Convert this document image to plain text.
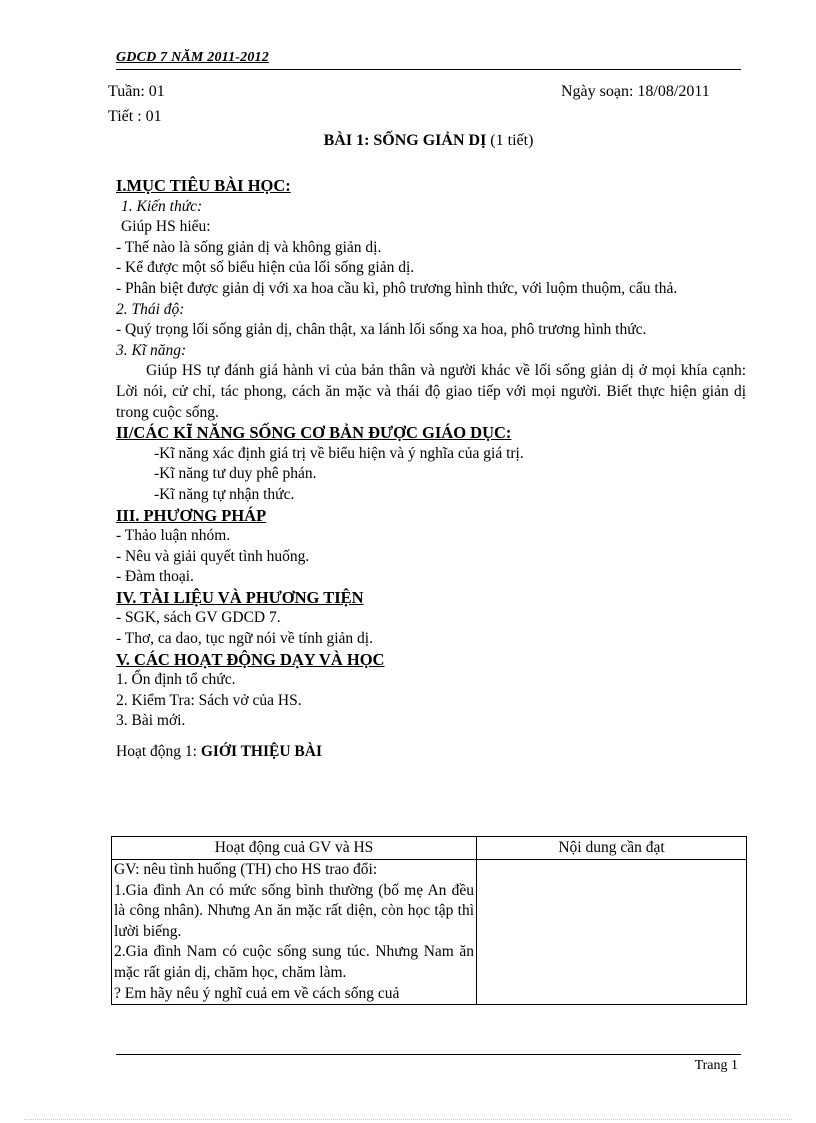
GDCD 7 NĂM 2011-2012
Tuần: 01	Ngày soạn: 18/08/2011
Tiết : 01
BÀI 1: SỐNG GIẢN DỊ (1 tiết)

I.MỤC TIÊU BÀI HỌC:

1. Kiến thức:

Giúp HS hiểu:

- Thế nào là sống giản dị và không giản dị.

- Kể được một số biểu hiện của lối sống giản dị.

- Phân biệt được giản dị với xa hoa cầu kì, phô trương hình thức, với luộm thuộm, cẩu thả.

2. Thái độ:

- Quý trọng lối sống giản dị, chân thật, xa lánh lối sống xa hoa, phô trương hình thức.

3. Kĩ năng:

Giúp HS tự đánh giá hành vi của bản thân và người khác về lối sống giản dị ở mọi khía cạnh: Lời nói, cử chỉ, tác phong, cách ăn mặc và thái độ giao tiếp với mọi người. Biết thực hiện giản dị trong cuộc sống.

II/CÁC KĨ NĂNG SỐNG CƠ BẢN ĐƯỢC GIÁO DỤC:

-Kĩ năng xác định giá trị về biểu hiện và ý nghĩa của giá trị.

-Kĩ năng tư duy phê phán.

-Kĩ năng tự nhận thức.

III. PHƯƠNG PHÁP

- Thảo luận nhóm.

- Nêu và giải quyết tình huống.

- Đàm thoại.

IV. TÀI LIỆU VÀ PHƯƠNG TIỆN

- SGK, sách GV GDCD 7.

- Thơ, ca dao, tục ngữ nói về tính giản dị.

V. CÁC HOẠT ĐỘNG DẠY VÀ HỌC

1. Ổn định tổ chức.

2. Kiểm Tra: Sách vở của HS.

3. Bài mới.

Hoạt động 1: GIỚI THIỆU BÀI

Hoạt động cuả GV và HS	Nội dung cần đạt

GV: nêu tình huống (TH) cho HS trao đổi:
1.Gia đình An có mức sống bình thường (bố mẹ An đều là công nhân). Nhưng An ăn mặc rất diện, còn học tập thì lười biếng.
2.Gia đình Nam có cuộc sống sung túc. Nhưng Nam ăn mặc rất giản dị, chăm học, chăm làm.
? Em hãy nêu ý nghĩ cuả em về cách sống cuả	

Trang 1
